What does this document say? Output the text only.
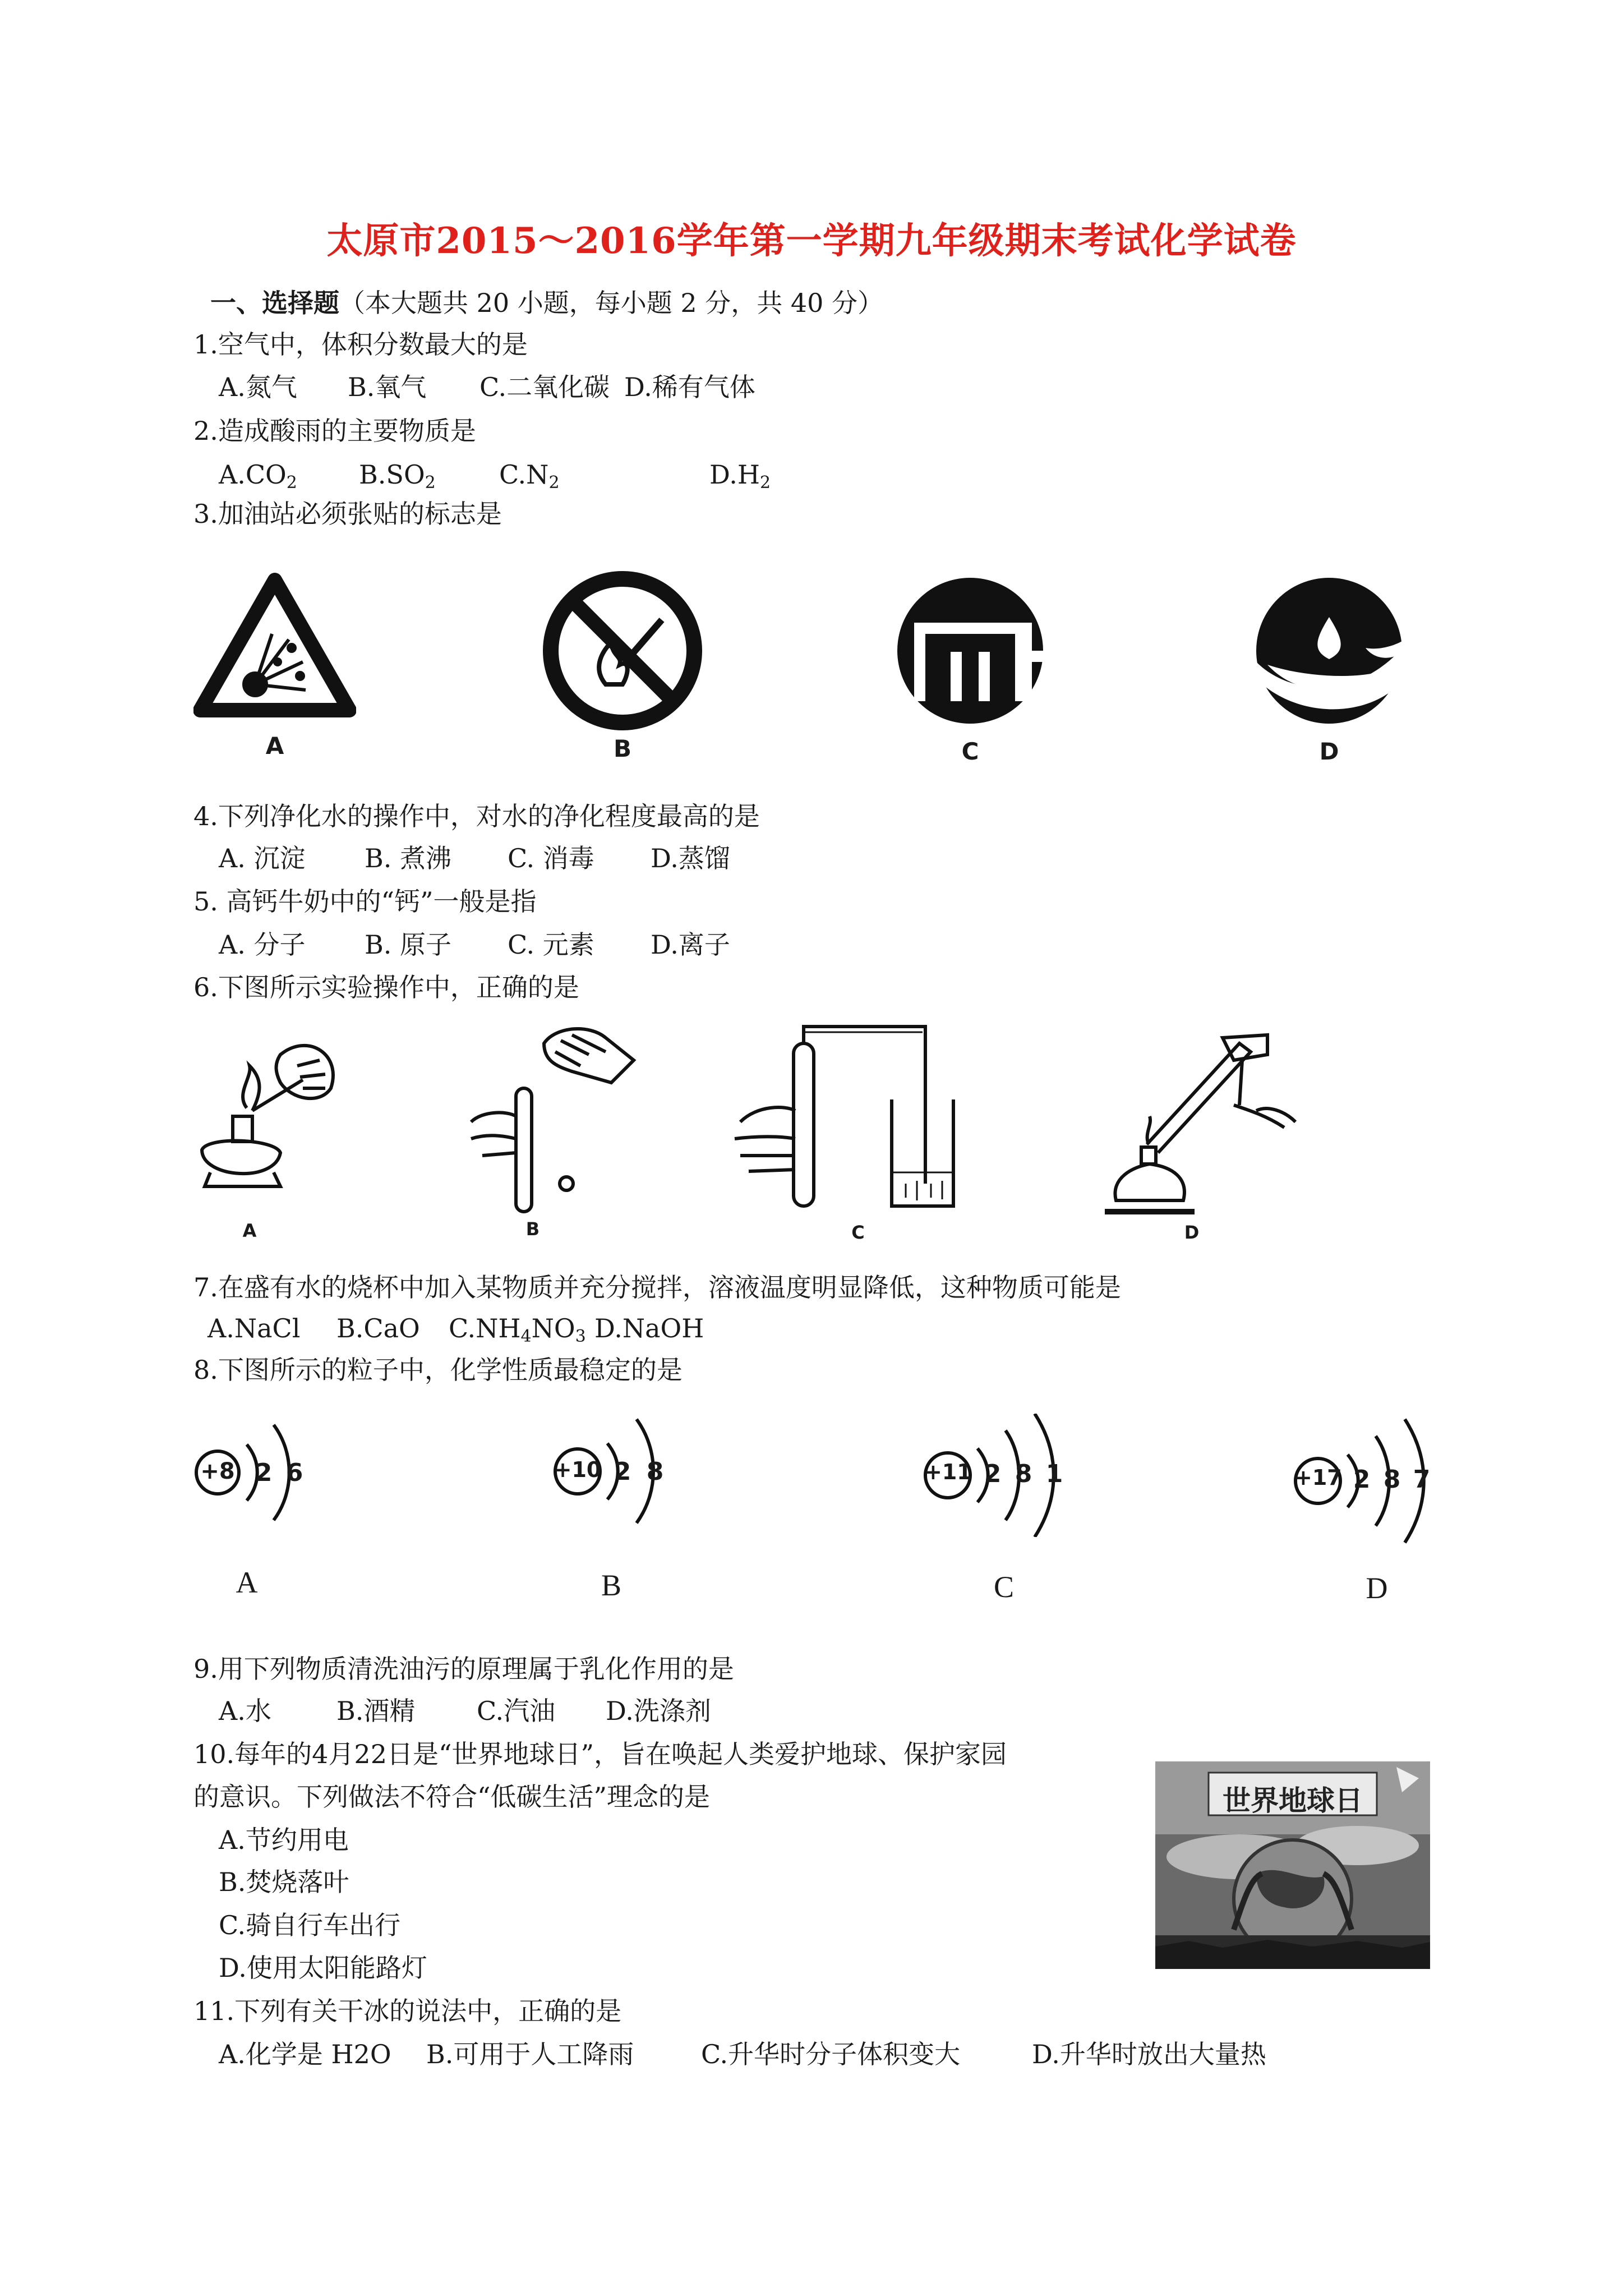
太原市2015～2016学年第一学期九年级期末考试化学试卷
一、选择题（本大题共 20 小题，每小题 2 分，共 40 分）
1.空气中，体积分数最大的是
A.氮气 B.氧气 C.二氧化碳 D.稀有气体
2.造成酸雨的主要物质是
$A.CO_2$ $B.SO_2$ $C.N_2$	$D.H_2$
3.加油站必须张贴的标志是
A	B	C	D
4.下列净化水的操作中，对水的净化程度最高的是
A. 沉淀 B. 煮沸 C. 消毒 D.蒸馏
5. 高钙牛奶中的“钙”一般是指
A. 分子 B. 原子 C. 元素 D.离子
6.下图所示实验操作中，正确的是
A	B	C	D
7.在盛有水的烧杯中加入某物质并充分搅拌，溶液温度明显降低，这种物质可能是
A.NaCl B.CaO $C.NH_4NO_3$ D.NaOH
8.下图所示的粒子中，化学性质最稳定的是
+8 2 6
A
+10 2 8
B
+11 2 8 1
C
+17 2 8 7
D
9.用下列物质清洗油污的原理属于乳化作用的是
A.水	B.酒精 C.汽油 D.洗涤剂
10.每年的4月22日是“世界地球日”，旨在唤起人类爱护地球、保护家园
的意识。下列做法不符合“低碳生活”理念的是
A.节约用电
B.焚烧落叶
C.骑自行车出行
D.使用太阳能路灯
世界地球日
11.下列有关干冰的说法中，正确的是
A.化学是 H2O B.可用于人工降雨	C.升华时分子体积变大	D.升华时放出大量热
